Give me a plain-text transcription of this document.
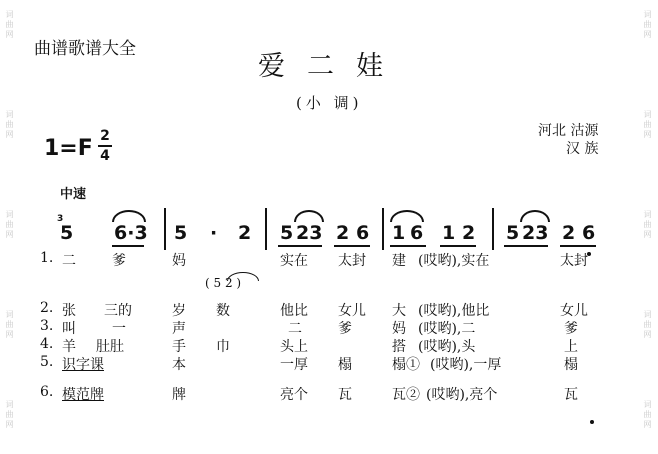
词曲网
词曲网
词曲网
词曲网
词曲网
词曲网
词曲网
词曲网
词曲网
词曲网
曲谱歌谱大全
爱二娃
(小 调)
1=F 2
4
河北 沽源
汉 族
中速
3
5 6·3 5 · 2 5 23 2 6 1 6 1 2 5 23 2 6
1. 二	爹	妈	实在 太封 建 (哎哟),实在	太封
( 5 2 )
2. 张 三的	岁 数	他比 女儿 大 (哎哟),他比	女儿
3. 叫	一	声	二	爹	妈 (哎哟),二	爹
4. 羊 肚肚	手 巾	头上	搭 (哎哟),头	上
5. 识字课	本	一厚 榻	榻① (哎哟),一厚	榻
6. 模范牌	牌	亮个 瓦	瓦② (哎哟),亮个	瓦
